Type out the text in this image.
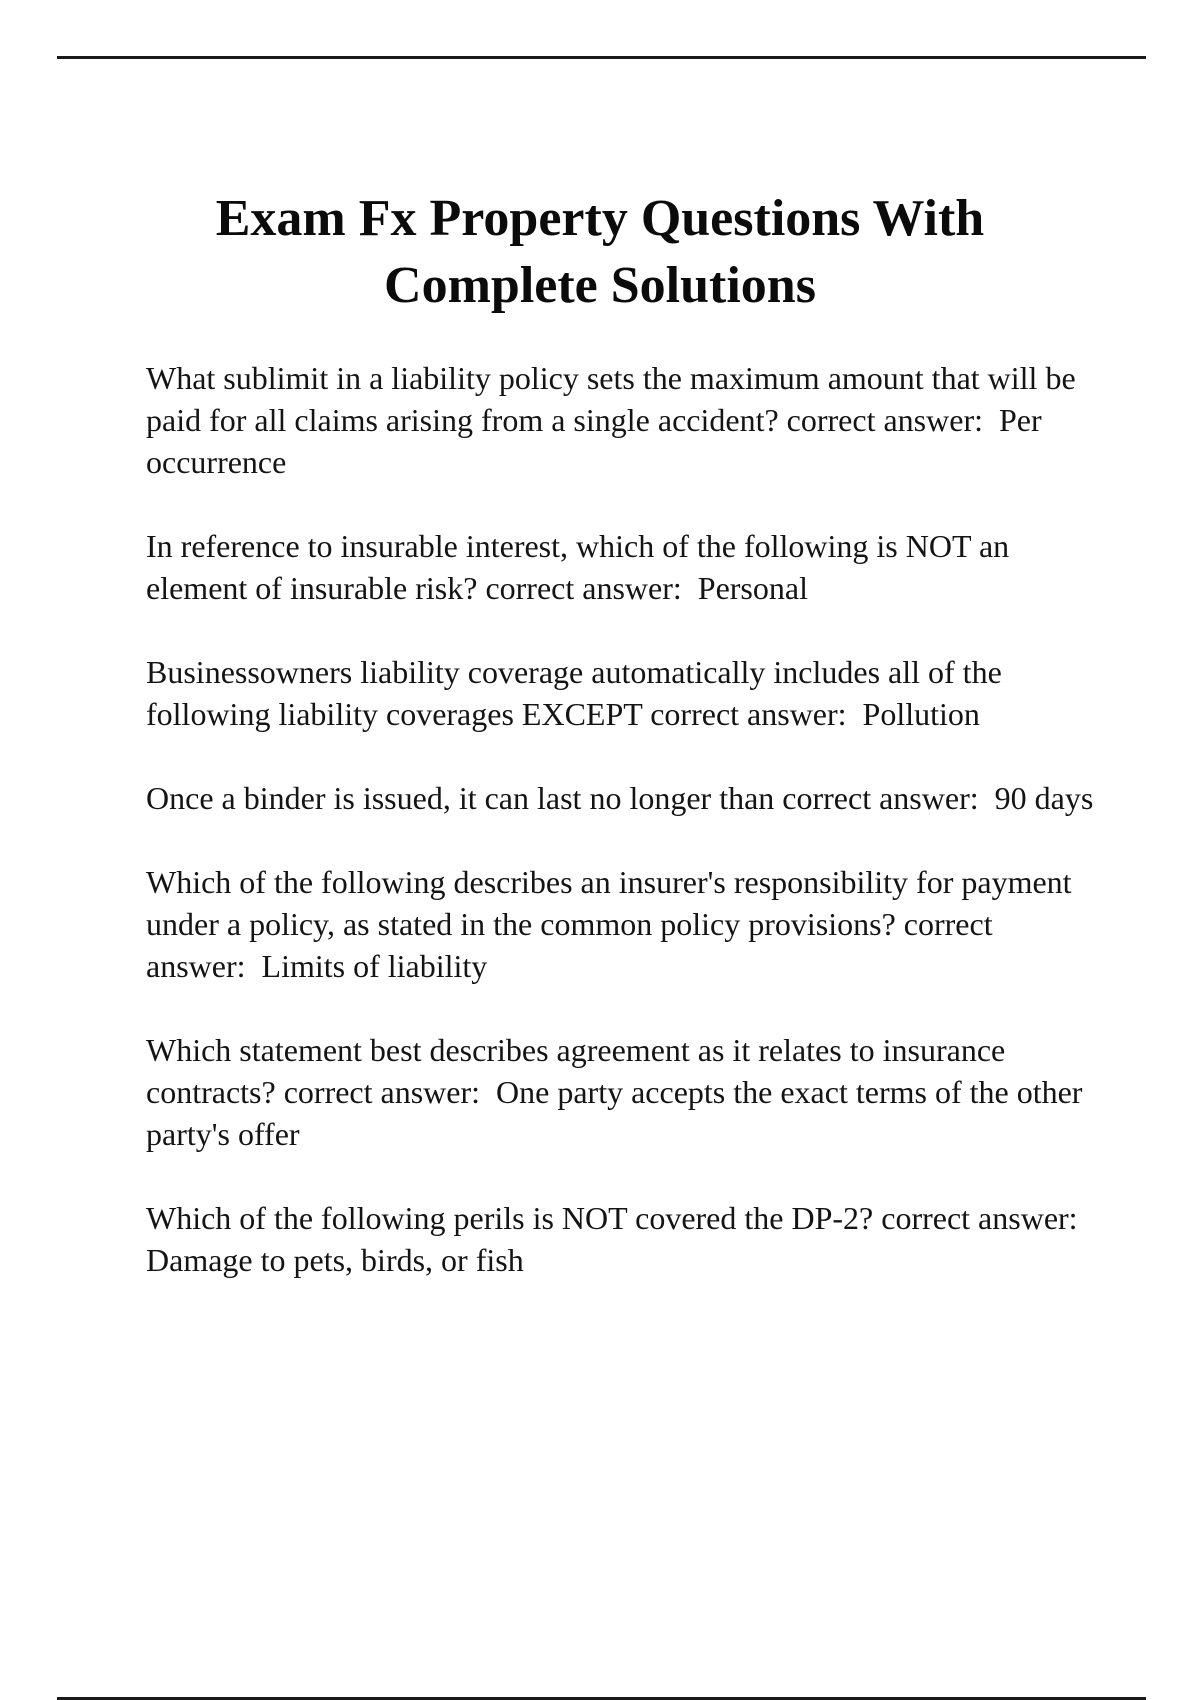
Exam Fx Property Questions With
Complete Solutions

What sublimit in a liability policy sets the maximum amount that will be paid for all claims arising from a single accident? correct answer:  Per occurrence

In reference to insurable interest, which of the following is NOT an element of insurable risk? correct answer:  Personal

Businessowners liability coverage automatically includes all of the following liability coverages EXCEPT correct answer:  Pollution

Once a binder is issued, it can last no longer than correct answer:  90 days

Which of the following describes an insurer's responsibility for payment under a policy, as stated in the common policy provisions? correct answer:  Limits of liability

Which statement best describes agreement as it relates to insurance contracts? correct answer:  One party accepts the exact terms of the other party's offer

Which of the following perils is NOT covered the DP-2? correct answer:  Damage to pets, birds, or fish
